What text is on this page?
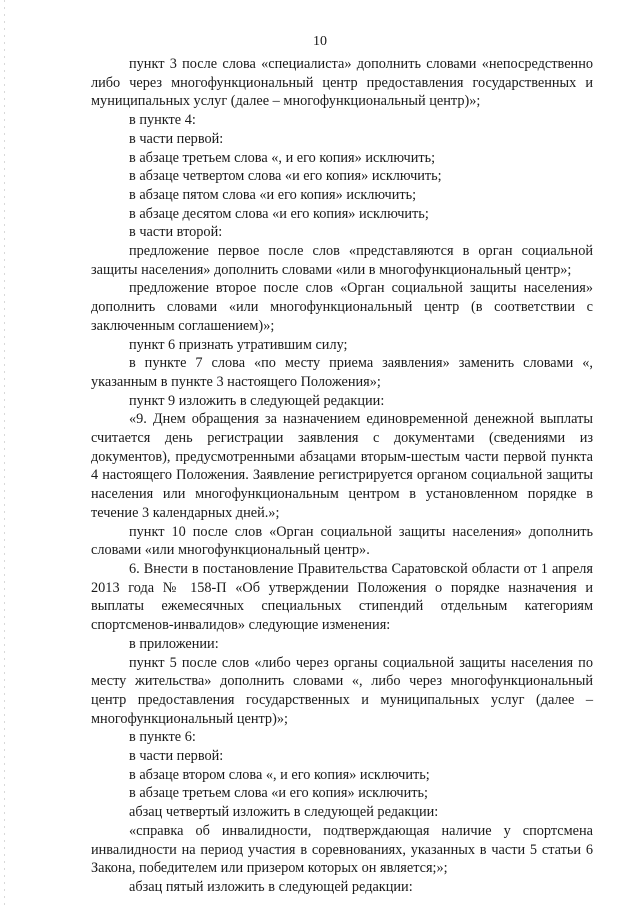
10

пункт 3 после слова «специалиста» дополнить словами «непосредственно либо через многофункциональный центр предоставления государственных и муниципальных услуг (далее – многофункциональный центр)»;

в пункте 4:

в части первой:

в абзаце третьем слова «, и его копия» исключить;

в абзаце четвертом слова «и его копия» исключить;

в абзаце пятом слова «и его копия» исключить;

в абзаце десятом слова «и его копия» исключить;

в части второй:

предложение первое после слов «представляются в орган социальной защиты населения» дополнить словами «или в многофункциональный центр»;

предложение второе после слов «Орган социальной защиты населения» дополнить словами «или многофункциональный центр (в соответствии с заключенным соглашением)»;

пункт 6 признать утратившим силу;

в пункте 7 слова «по месту приема заявления» заменить словами «, указанным в пункте 3 настоящего Положения»;

пункт 9 изложить в следующей редакции:

«9. Днем обращения за назначением единовременной денежной выплаты считается день регистрации заявления с документами (сведениями из документов), предусмотренными абзацами вторым-шестым части первой пункта 4 настоящего Положения. Заявление регистрируется органом социальной защиты населения или многофункциональным центром в установленном порядке в течение 3 календарных дней.»;

пункт 10 после слов «Орган социальной защиты населения» дополнить словами «или многофункциональный центр».

6. Внести в постановление Правительства Саратовской области от 1 апреля 2013 года № 158-П «Об утверждении Положения о порядке назначения и выплаты ежемесячных специальных стипендий отдельным категориям спортсменов-инвалидов» следующие изменения:

в приложении:

пункт 5 после слов «либо через органы социальной защиты населения по месту жительства» дополнить словами «, либо через многофункциональный центр предоставления государственных и муниципальных услуг (далее – многофункциональный центр)»;

в пункте 6:

в части первой:

в абзаце втором слова «, и его копия» исключить;

в абзаце третьем слова «и его копия» исключить;

абзац четвертый изложить в следующей редакции:

«справка об инвалидности, подтверждающая наличие у спортсмена инвалидности на период участия в соревнованиях, указанных в части 5 статьи 6 Закона, победителем или призером которых он является;»;

абзац пятый изложить в следующей редакции:
